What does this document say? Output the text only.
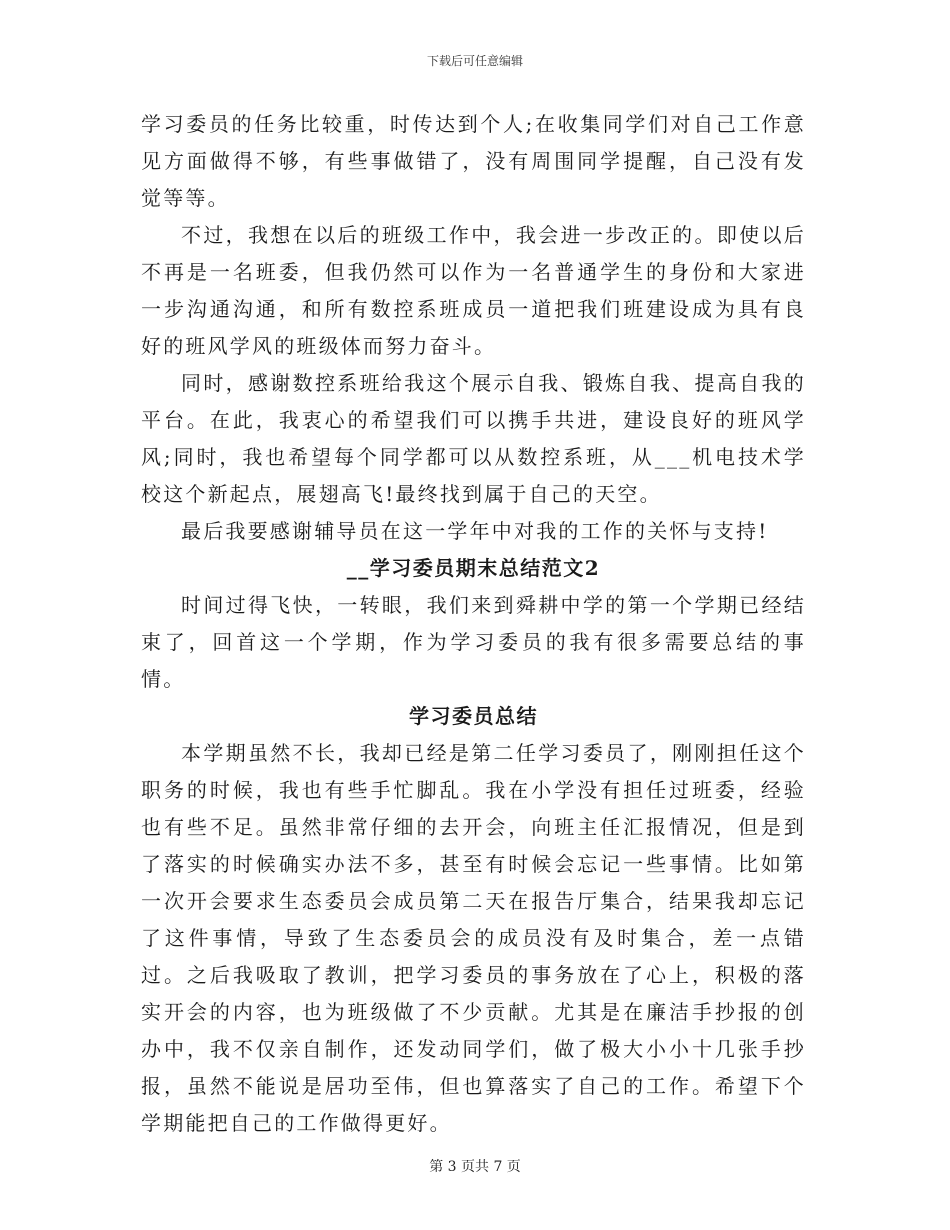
下载后可任意编辑

学习委员的任务比较重，时传达到个人;在收集同学们对自己工作意见方面做得不够，有些事做错了，没有周围同学提醒，自己没有发觉等等。

不过，我想在以后的班级工作中，我会进一步改正的。即使以后不再是一名班委，但我仍然可以作为一名普通学生的身份和大家进一步沟通沟通，和所有数控系班成员一道把我们班建设成为具有良好的班风学风的班级体而努力奋斗。

同时，感谢数控系班给我这个展示自我、锻炼自我、提高自我的平台。在此，我衷心的希望我们可以携手共进，建设良好的班风学风;同时，我也希望每个同学都可以从数控系班，从___机电技术学校这个新起点，展翅高飞!最终找到属于自己的天空。

最后我要感谢辅导员在这一学年中对我的工作的关怀与支持!

__学习委员期末总结范文2

时间过得飞快，一转眼，我们来到舜耕中学的第一个学期已经结束了，回首这一个学期，作为学习委员的我有很多需要总结的事情。

学习委员总结

本学期虽然不长，我却已经是第二任学习委员了，刚刚担任这个职务的时候，我也有些手忙脚乱。我在小学没有担任过班委，经验也有些不足。虽然非常仔细的去开会，向班主任汇报情况，但是到了落实的时候确实办法不多，甚至有时候会忘记一些事情。比如第一次开会要求生态委员会成员第二天在报告厅集合，结果我却忘记了这件事情，导致了生态委员会的成员没有及时集合，差一点错过。之后我吸取了教训，把学习委员的事务放在了心上，积极的落实开会的内容，也为班级做了不少贡献。尤其是在廉洁手抄报的创办中，我不仅亲自制作，还发动同学们，做了极大小小十几张手抄报，虽然不能说是居功至伟，但也算落实了自己的工作。希望下个学期能把自己的工作做得更好。

第 3 页共 7 页
